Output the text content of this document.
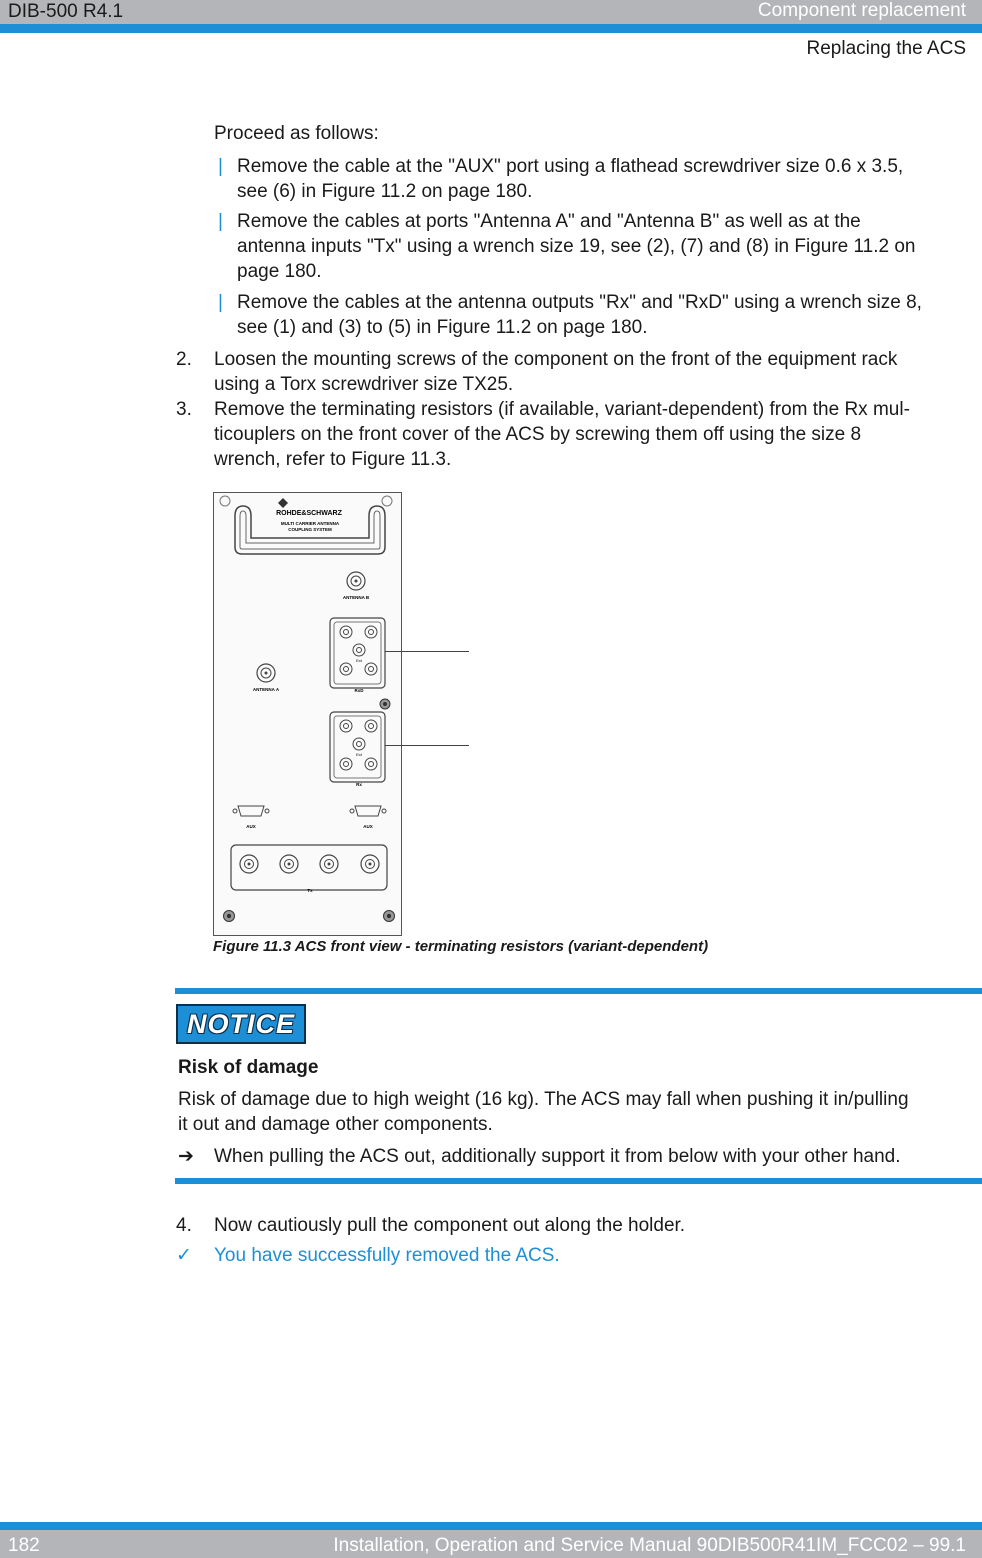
DIB-500 R4.1	Component replacement
Replacing the ACS
Proceed as follows:
| Remove the cable at the "AUX" port using a flathead screwdriver size 0.6 x 3.5,
see (6) in Figure 11.2 on page 180.
| Remove the cables at ports "Antenna A" and "Antenna B" as well as at the
antenna inputs "Tx" using a wrench size 19, see (2), (7) and (8) in Figure 11.2 on
page 180.
| Remove the cables at the antenna outputs "Rx" and "RxD" using a wrench size 8,
see (1) and (3) to (5) in Figure 11.2 on page 180.
2. Loosen the mounting screws of the component on the front of the equipment rack
using a Torx screwdriver size TX25.
3. Remove the terminating resistors (if available, variant-dependent) from the Rx mul-
ticouplers on the front cover of the ACS by screwing them off using the size 8
wrench, refer to Figure 11.3.
ROHDE&SCHWARZ
MULTI CARRIER ANTENNA
COUPLING SYSTEM
ANTENNA B
Ext
RxD
ANTENNA A
Ext
Rx
AUX	AUX
Tx
Figure 11.3 ACS front view - terminating resistors (variant-dependent)
NOTICE
Risk of damage
Risk of damage due to high weight (16 kg). The ACS may fall when pushing it in/pulling
it out and damage other components.
➔ When pulling the ACS out, additionally support it from below with your other hand.
4. Now cautiously pull the component out along the holder.
✓ You have successfully removed the ACS.
182	Installation, Operation and Service Manual 90DIB500R41IM_FCC02 – 99.1
